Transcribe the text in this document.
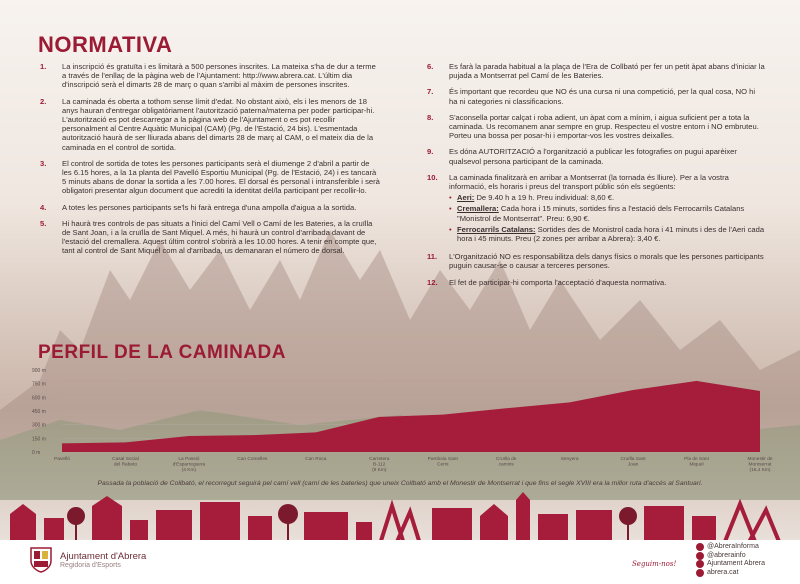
NORMATIVA
1.	La inscripció és gratuïta i es limitarà a 500 persones inscrites. La mateixa s'ha de dur a terme a través de l'enllaç de la pàgina web de l'Ajuntament: http://www.abrera.cat. L'últim dia d'inscripció serà el dimarts 28 de març o quan s'arribi al màxim de persones inscrites.
2.	La caminada és oberta a tothom sense límit d'edat. No obstant això, els i les menors de 18 anys hauran d'entregar obligatòriament l'autorització paterna/materna per poder participar-hi. L'autorització es pot descarregar a la pàgina web de l'Ajuntament o es pot recollir personalment al Centre Aquàtic Municipal (CAM) (Pg. de l'Estació, 24 bis). L'esmentada autorització haurà de ser lliurada abans del dimarts 28 de març al CAM, o el mateix dia de la caminada en el control de sortida.
3.	El control de sortida de totes les persones participants serà el diumenge 2 d'abril a partir de les 6.15 hores, a la 1a planta del Pavelló Esportiu Municipal (Pg. de l'Estació, 24) i es tancarà 5 minuts abans de donar la sortida a les 7.00 hores. El dorsal és personal i intransferible i serà obligatori presentar algun document que acrediti la identitat del/la participant per recollir-lo.
4.	A totes les persones participants se'ls hi farà entrega d'una ampolla d'aigua a la sortida.
5.	Hi haurà tres controls de pas situats a l'inici del Camí Vell o Camí de les Bateries, a la cruïlla de Sant Joan, i a la cruïlla de Sant Miquel. A més, hi haurà un control d'arribada davant de l'estació del cremallera. Aquest últim control s'obrirà a les 10.00 hores. A tenir en compte que, tant al control de Sant Miquel com al d'arribada, us demanaran el número de dorsal.
6.	Es farà la parada habitual a la plaça de l'Era de Collbató per fer un petit àpat abans d'iniciar la pujada a Montserrat pel Camí de les Bateries.
7.	És important que recordeu que NO és una cursa ni una competició, per la qual cosa, NO hi ha ni categories ni classificacions.
8.	S'aconsella portar calçat i roba adient, un àpat com a mínim, i aigua suficient per a tota la caminada. Us recomanem anar sempre en grup. Respecteu el vostre entorn i NO embruteu. Porteu una bossa per posar-hi i emportar-vos les vostres deixalles.
9.	Es dóna AUTORITZACIÓ a l'organització a publicar les fotografies on pugui aparèixer qualsevol persona participant de la caminada.
10.	La caminada finalitzarà en arribar a Montserrat (la tornada és lliure). Per a la vostra informació, els horaris i preus del transport públic són els següents:
• Aeri: De 9.40 h a 19 h. Preu individual: 8,60 €.
• Cremallera: Cada hora i 15 minuts, sortides fins a l'estació dels Ferrocarrils Catalans "Monistrol de Montserrat". Preu: 6,90 €.
• Ferrocarrils Catalans: Sortides des de Monistrol cada hora i 41 minuts i des de l'Aeri cada hora i 45 minuts. Preu (2 zones per arribar a Abrera): 3,40 €.
11.	L'Organització NO es responsabilitza dels danys físics o morals que les persones participants puguin causar-se o causar a terceres persones.
12.	El fet de participar-hi comporta l'acceptació d'aquesta normativa.
PERFIL DE LA CAMINADA
900 m
750 m
600 m
450 m
300 m
150 m
0 m
Pavelló	Casal Social
del Rabeto
La Passió
d'Esparreguera
(4 Km)
Can Comelles	Can Roca	Carretera
B-112
(9 Km)
Pamboia Sant
Cerni
Cruïlla de
camins
Senyera	Cruïlla Sant
Joan
Pla de Sant
Miquel
Monestir de
Montserrat
(16,4 Km)
Passada la població de Collbató, el recorregut seguirà pel camí vell (camí de les bateries) que uneix Collbató amb el Monestir de Montserrat i que fins el segle XVIII era la millor ruta d'accés al Santuari.
Ajuntament d'Abrera
Regidoria d'Esports	Seguim-nos!
@AbreraInforma
@abrerainfo
Ajuntament Abrera
abrera.cat
